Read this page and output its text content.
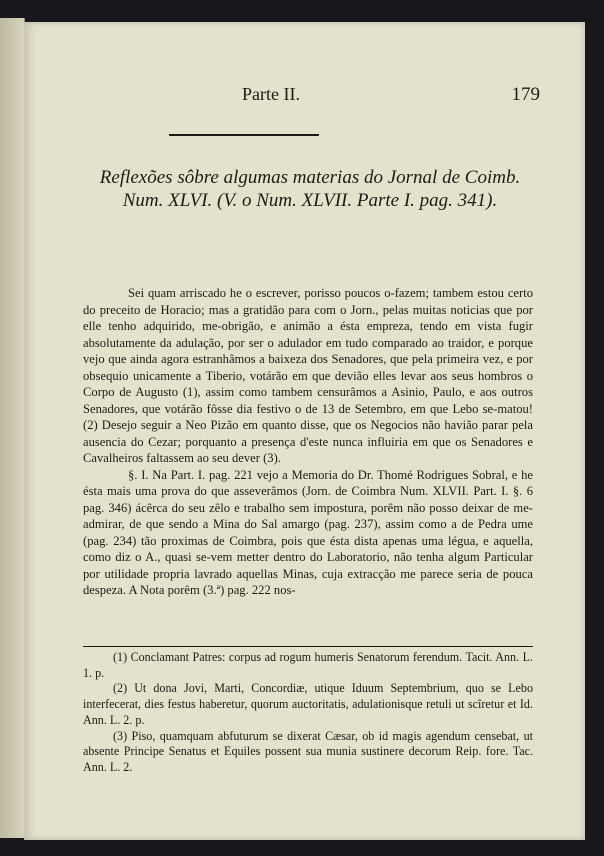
Parte II.	179
Reflexões sôbre algumas materias do Jornal de Coimb. Num. XLVI. (V. o Num. XLVII. Parte I. pag. 341).

Sei quam arriscado he o escrever, porisso poucos o-fazem; tambem estou certo do preceito de Horacio; mas a gratidão para com o Jorn., pelas muitas noticias que por elle tenho adquirido, me-obrigão, e animão a ésta empreza, tendo em vista fugir absolutamente da adulação, por ser o adulador em tudo comparado ao traidor, e porque vejo que ainda agora estranhâmos a baixeza dos Senadores, que pela primeira vez, e por obsequio unicamente a Tiberio, votárão em que devião elles levar aos seus hombros o Corpo de Augusto (1), assim como tambem censurâmos a Asinio, Paulo, e aos outros Senadores, que votárão fôsse dia festivo o de 13 de Setembro, em que Lebo se-matou! (2) Desejo seguir a Neo Pizão em quanto disse, que os Negocios não havião parar pela ausencia do Cezar; porquanto a presença d'este nunca influiria em que os Senadores e Cavalheiros faltassem ao seu dever (3).

§. I. Na Part. I. pag. 221 vejo a Memoria do Dr. Thomé Rodrigues Sobral, e he ésta mais uma prova do que asseverâmos (Jorn. de Coimbra Num. XLVII. Part. I. §. 6 pag. 346) ácêrca do seu zêlo e trabalho sem impostura, porêm não posso deixar de me-admirar, de que sendo a Mina do Sal amargo (pag. 237), assim como a de Pedra ume (pag. 234) tão proximas de Coimbra, pois que ésta dista apenas uma légua, e aquella, como diz o A., quasi se-vem metter dentro do Laboratorio, não tenha algum Particular por utilidade propria lavrado aquellas Minas, cuja extracção me parece seria de pouca despeza. A Nota porêm (3.ª) pag. 222 nos-

(1) Conclamant Patres: corpus ad rogum humeris Senatorum ferendum. Tacit. Ann. L. 1. p.

(2) Ut dona Jovi, Marti, Concordiæ, utique Iduum Septembrium, quo se Lebo interfecerat, dies festus haberetur, quorum auctoritatis, adulationisque retuli ut scîretur et Id. Ann. L. 2. p.

(3) Piso, quamquam abfuturum se dixerat Cæsar, ob id magis agendum censebat, ut absente Principe Senatus et Equiles possent sua munia sustinere decorum Reip. fore. Tac. Ann. L. 2.
